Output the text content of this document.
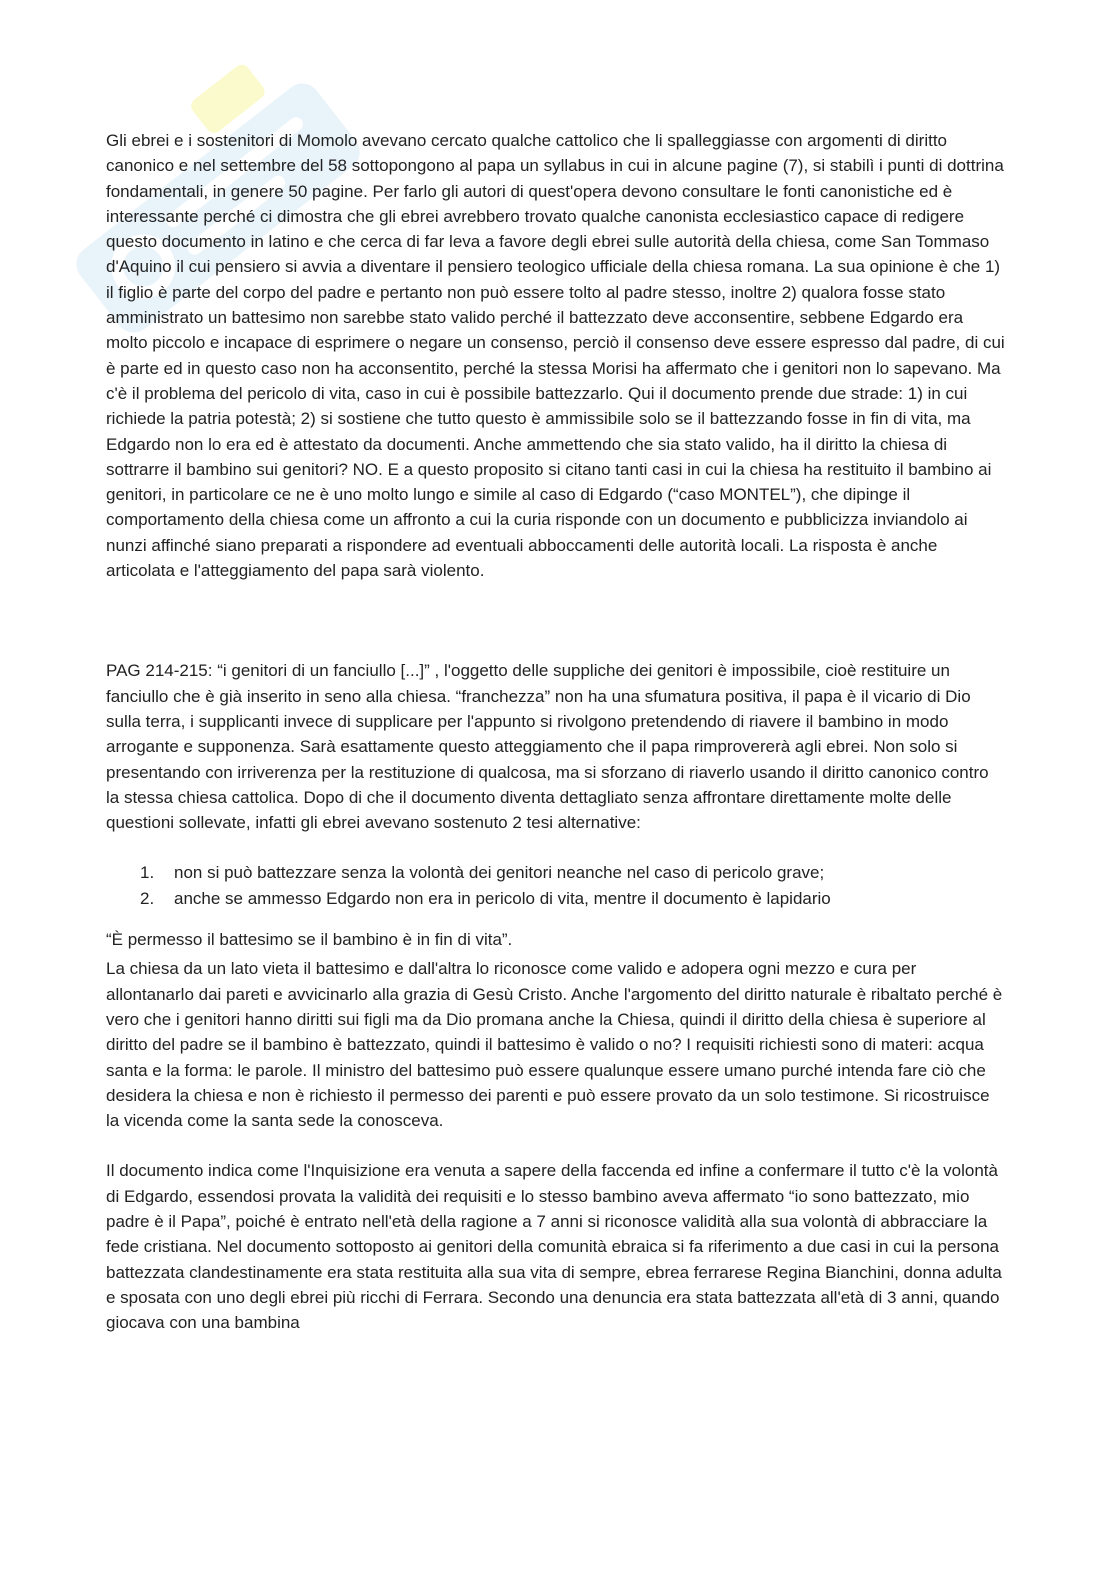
Gli ebrei e i sostenitori di Momolo avevano cercato qualche cattolico che li spalleggiasse con argomenti di diritto canonico e nel settembre del 58 sottopongono al papa un syllabus in cui in alcune pagine (7), si stabilì i punti di dottrina fondamentali, in genere 50 pagine. Per farlo gli autori di quest'opera devono consultare le fonti canonistiche ed è interessante perché ci dimostra che gli ebrei avrebbero trovato qualche canonista ecclesiastico capace di redigere questo documento in latino e che cerca di far leva a favore degli ebrei sulle autorità della chiesa, come San Tommaso d'Aquino il cui pensiero si avvia a diventare il pensiero teologico ufficiale della chiesa romana. La sua opinione è che 1) il figlio è parte del corpo del padre e pertanto non può essere tolto al padre stesso, inoltre 2) qualora fosse stato amministrato un battesimo non sarebbe stato valido perché il battezzato deve acconsentire, sebbene Edgardo era molto piccolo e incapace di esprimere o negare un consenso, perciò il consenso deve essere espresso dal padre, di cui è parte ed in questo caso non ha acconsentito, perché la stessa Morisi ha affermato che i genitori non lo sapevano. Ma c'è il problema del pericolo di vita, caso in cui è possibile battezzarlo. Qui il documento prende due strade: 1) in cui richiede la patria potestà; 2) si sostiene che tutto questo è ammissibile solo se il battezzando fosse in fin di vita, ma Edgardo non lo era ed è attestato da documenti. Anche ammettendo che sia stato valido, ha il diritto la chiesa di sottrarre il bambino sui genitori? NO. E a questo proposito si citano tanti casi in cui la chiesa ha restituito il bambino ai genitori, in particolare ce ne è uno molto lungo e simile al caso di Edgardo (“caso MONTEL”), che dipinge il comportamento della chiesa come un affronto a cui la curia risponde con un documento e pubblicizza inviandolo ai nunzi affinché siano preparati a rispondere ad eventuali abboccamenti delle autorità locali. La risposta è anche articolata e l'atteggiamento del papa sarà violento.

PAG 214-215: “i genitori di un fanciullo [...]” , l'oggetto delle suppliche dei genitori è impossibile, cioè restituire un fanciullo che è già inserito in seno alla chiesa. “franchezza” non ha una sfumatura positiva, il papa è il vicario di Dio sulla terra, i supplicanti invece di supplicare per l'appunto si rivolgono pretendendo di riavere il bambino in modo arrogante e supponenza. Sarà esattamente questo atteggiamento che il papa rimprovererà agli ebrei. Non solo si presentando con irriverenza per la restituzione di qualcosa, ma si sforzano di riaverlo usando il diritto canonico contro la stessa chiesa cattolica. Dopo di che il documento diventa dettagliato senza affrontare direttamente molte delle questioni sollevate, infatti gli ebrei avevano sostenuto 2 tesi alternative:

1. non si può battezzare senza la volontà dei genitori neanche nel caso di pericolo grave;
2. anche se ammesso Edgardo non era in pericolo di vita, mentre il documento è lapidario

“È permesso il battesimo se il bambino è in fin di vita”.

La chiesa da un lato vieta il battesimo e dall'altra lo riconosce come valido e adopera ogni mezzo e cura per allontanarlo dai pareti e avvicinarlo alla grazia di Gesù Cristo. Anche l'argomento del diritto naturale è ribaltato perché è vero che i genitori hanno diritti sui figli ma da Dio promana anche la Chiesa, quindi il diritto della chiesa è superiore al diritto del padre se il bambino è battezzato, quindi il battesimo è valido o no? I requisiti richiesti sono di materi: acqua santa e la forma: le parole. Il ministro del battesimo può essere qualunque essere umano purché intenda fare ciò che desidera la chiesa e non è richiesto il permesso dei parenti e può essere provato da un solo testimone. Si ricostruisce la vicenda come la santa sede la conosceva.

Il documento indica come l'Inquisizione era venuta a sapere della faccenda ed infine a confermare il tutto c'è la volontà di Edgardo, essendosi provata la validità dei requisiti e lo stesso bambino aveva affermato “io sono battezzato, mio padre è il Papa”, poiché è entrato nell'età della ragione a 7 anni si riconosce validità alla sua volontà di abbracciare la fede cristiana. Nel documento sottoposto ai genitori della comunità ebraica si fa riferimento a due casi in cui la persona battezzata clandestinamente era stata restituita alla sua vita di sempre, ebrea ferrarese Regina Bianchini, donna adulta e sposata con uno degli ebrei più ricchi di Ferrara. Secondo una denuncia era stata battezzata all'età di 3 anni, quando giocava con una bambina
